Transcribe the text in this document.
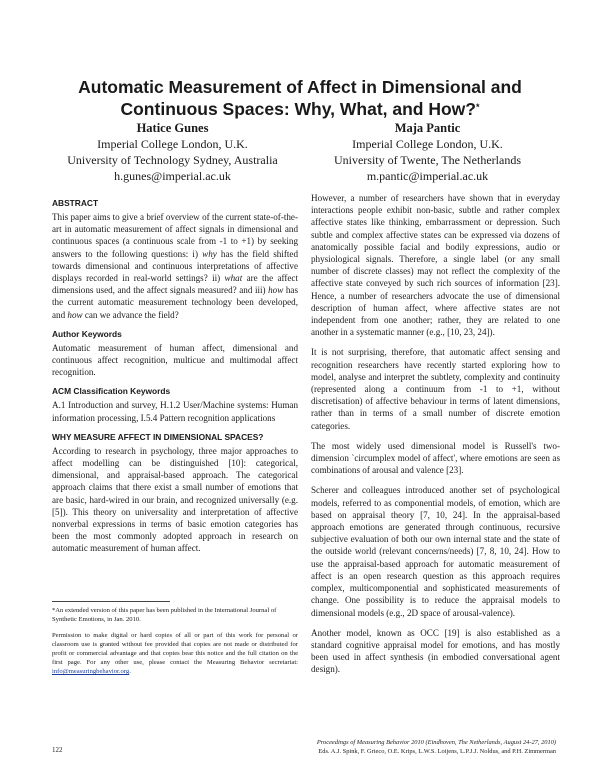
Automatic Measurement of Affect in Dimensional and
Continuous Spaces: Why, What, and How?*
Hatice Gunes
Imperial College London, U.K.
University of Technology Sydney, Australia
h.gunes@imperial.ac.uk
Maja Pantic
Imperial College London, U.K.
University of Twente, The Netherlands
m.pantic@imperial.ac.uk
ABSTRACT

This paper aims to give a brief overview of the current state-of-the-art in automatic measurement of affect signals in dimensional and continuous spaces (a continuous scale from -1 to +1) by seeking answers to the following questions: i) why has the field shifted towards dimensional and continuous interpretations of affective displays recorded in real-world settings? ii) what are the affect dimensions used, and the affect signals measured? and iii) how has the current automatic measurement technology been developed, and how can we advance the field?

Author Keywords

Automatic measurement of human affect, dimensional and continuous affect recognition, multicue and multimodal affect recognition.

ACM Classification Keywords

A.1 Introduction and survey, H.1.2 User/Machine systems: Human information processing, I.5.4 Pattern recognition applications

WHY MEASURE AFFECT IN DIMENSIONAL SPACES?

According to research in psychology, three major approaches to affect modelling can be distinguished [10]: categorical, dimensional, and appraisal-based approach. The categorical approach claims that there exist a small number of emotions that are basic, hard-wired in our brain, and recognized universally (e.g. [5]). This theory on universality and interpretation of affective nonverbal expressions in terms of basic emotion categories has been the most commonly adopted approach in research on automatic measurement of human affect.

*An extended version of this paper has been published in the International Journal of Synthetic Emotions, in Jan. 2010.

Permission to make digital or hard copies of all or part of this work for personal or classroom use is granted without fee provided that copies are not made or distributed for profit or commercial advantage and that copies bear this notice and the full citation on the first page. For any other use, please contact the Measuring Behavior secretariat: info@measuringbehavior.org.

However, a number of researchers have shown that in everyday interactions people exhibit non-basic, subtle and rather complex affective states like thinking, embarrassment or depression. Such subtle and complex affective states can be expressed via dozens of anatomically possible facial and bodily expressions, audio or physiological signals. Therefore, a single label (or any small number of discrete classes) may not reflect the complexity of the affective state conveyed by such rich sources of information [23]. Hence, a number of researchers advocate the use of dimensional description of human affect, where affective states are not independent from one another; rather, they are related to one another in a systematic manner (e.g., [10, 23, 24]).

It is not surprising, therefore, that automatic affect sensing and recognition researchers have recently started exploring how to model, analyse and interpret the subtlety, complexity and continuity (represented along a continuum from -1 to +1, without discretisation) of affective behaviour in terms of latent dimensions, rather than in terms of a small number of discrete emotion categories.

The most widely used dimensional model is Russell's two-dimension `circumplex model of affect', where emotions are seen as combinations of arousal and valence [23].

Scherer and colleagues introduced another set of psychological models, referred to as componential models, of emotion, which are based on appraisal theory [7, 10, 24]. In the appraisal-based approach emotions are generated through continuous, recursive subjective evaluation of both our own internal state and the state of the outside world (relevant concerns/needs) [7, 8, 10, 24]. How to use the appraisal-based approach for automatic measurement of affect is an open research question as this approach requires complex, multicomponential and sophisticated measurements of change. One possibility is to reduce the appraisal models to dimensional models (e.g., 2D space of arousal-valence).

Another model, known as OCC [19] is also established as a standard cognitive appraisal model for emotions, and has mostly been used in affect synthesis (in embodied conversational agent design).

122
Proceedings of Measuring Behavior 2010 (Eindhoven, The Netherlands, August 24-27, 2010)
Eds. A.J. Spink, F. Grieco, O.E. Krips, L.W.S. Loijens, L.P.J.J. Noldus, and P.H. Zimmerman
